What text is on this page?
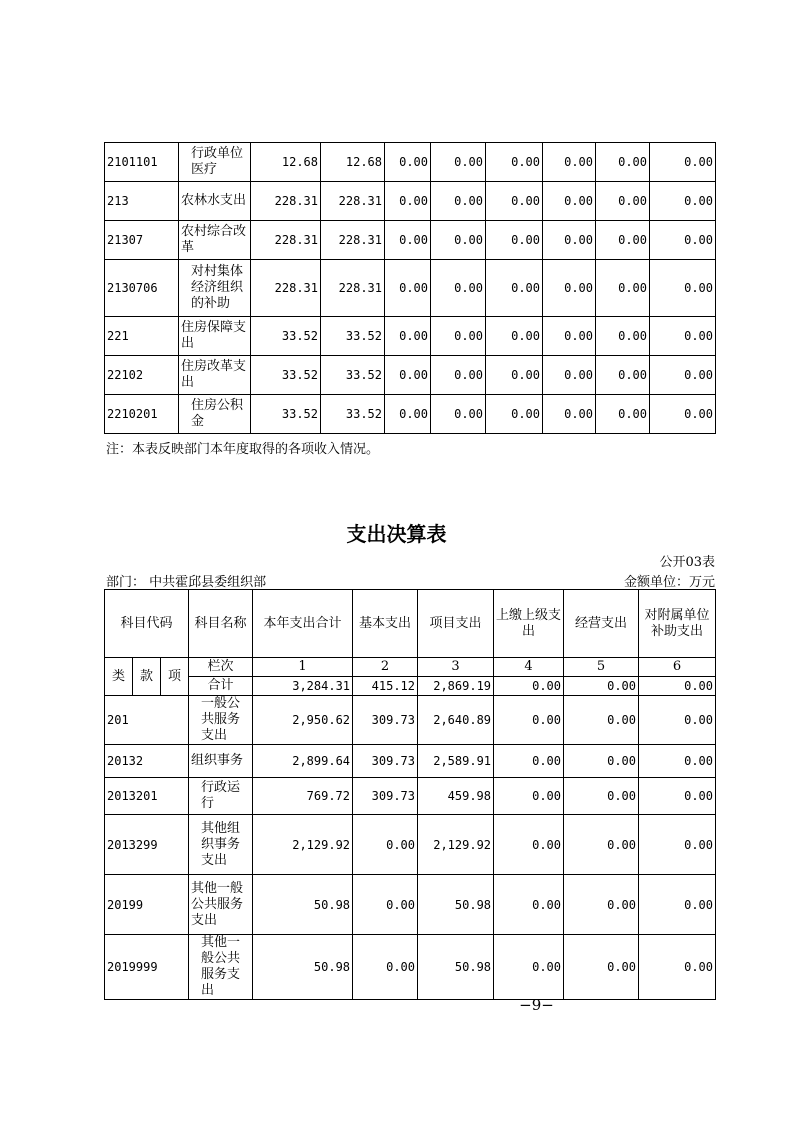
2101101	行政单位医疗	12.68	12.68	0.00	0.00	0.00	0.00	0.00	0.00
213	农林水支出	228.31	228.31	0.00	0.00	0.00	0.00	0.00	0.00
21307	农村综合改革	228.31	228.31	0.00	0.00	0.00	0.00	0.00	0.00
2130706	对村集体经济组织的补助	228.31	228.31	0.00	0.00	0.00	0.00	0.00	0.00
221	住房保障支出	33.52	33.52	0.00	0.00	0.00	0.00	0.00	0.00
22102	住房改革支出	33.52	33.52	0.00	0.00	0.00	0.00	0.00	0.00
2210201	住房公积金	33.52	33.52	0.00	0.00	0.00	0.00	0.00	0.00
注：本表反映部门本年度取得的各项收入情况。
支出决算表
公开03表
部门： 中共霍邱县委组织部	金额单位：万元
科目代码			科目名称	本年支出合计	基本支出	项目支出	上缴上级支出	经营支出	对附属单位补助支出
类	款	项	栏次	1	2	3	4	5	6
			合计	3,284.31	415.12	2,869.19	0.00	0.00	0.00
201			一般公共服务支出	2,950.62	309.73	2,640.89	0.00	0.00	0.00
20132			组织事务	2,899.64	309.73	2,589.91	0.00	0.00	0.00
2013201			行政运行	769.72	309.73	459.98	0.00	0.00	0.00
2013299			其他组织事务支出	2,129.92	0.00	2,129.92	0.00	0.00	0.00
20199			其他一般公共服务支出	50.98	0.00	50.98	0.00	0.00	0.00
2019999			其他一般公共服务支出	50.98	0.00	50.98	0.00	0.00	0.00
−9−
